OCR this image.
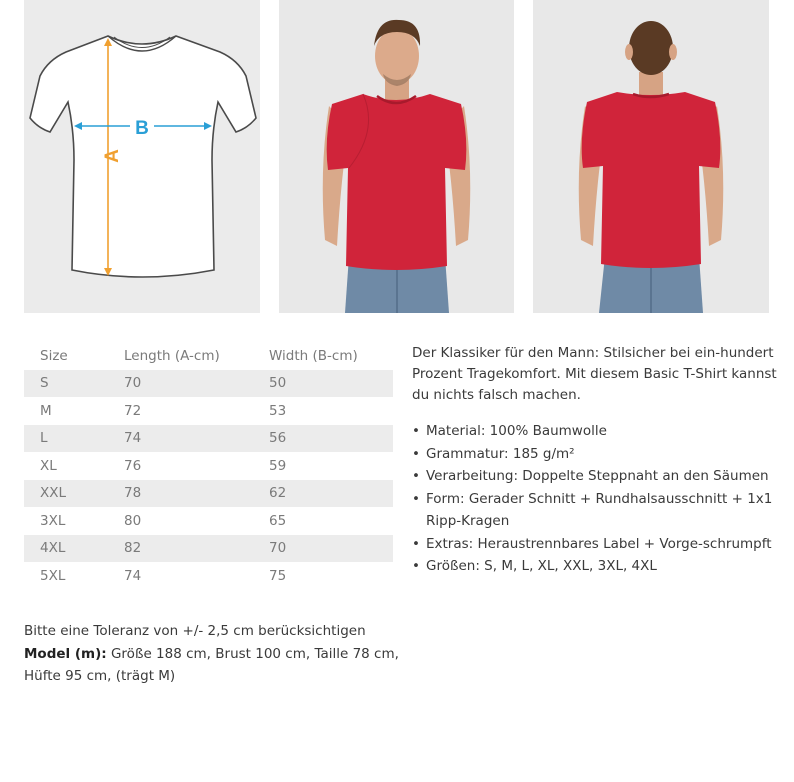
A
B
Size	Length (A-cm)	Width (B-cm)
S	70	50
M	72	53
L	74	56
XL	76	59
XXL	78	62
3XL	80	65
4XL	82	70
5XL	74	75
Bitte eine Toleranz von +/- 2,5 cm berücksichtigen
Model (m): Größe 188 cm, Brust 100 cm, Taille 78 cm, Hüfte 95 cm, (trägt M)

Der Klassiker für den Mann: Stilsicher bei ein-hundert Prozent Tragekomfort. Mit diesem Basic T-Shirt kannst du nichts falsch machen.

• Material: 100% Baumwolle
• Grammatur: 185 g/m²
• Verarbeitung: Doppelte Steppnaht an den Säumen
• Form: Gerader Schnitt + Rundhalsausschnitt + 1x1 Ripp-Kragen
• Extras: Heraustrennbares Label + Vorge-schrumpft
• Größen: S, M, L, XL, XXL, 3XL, 4XL
